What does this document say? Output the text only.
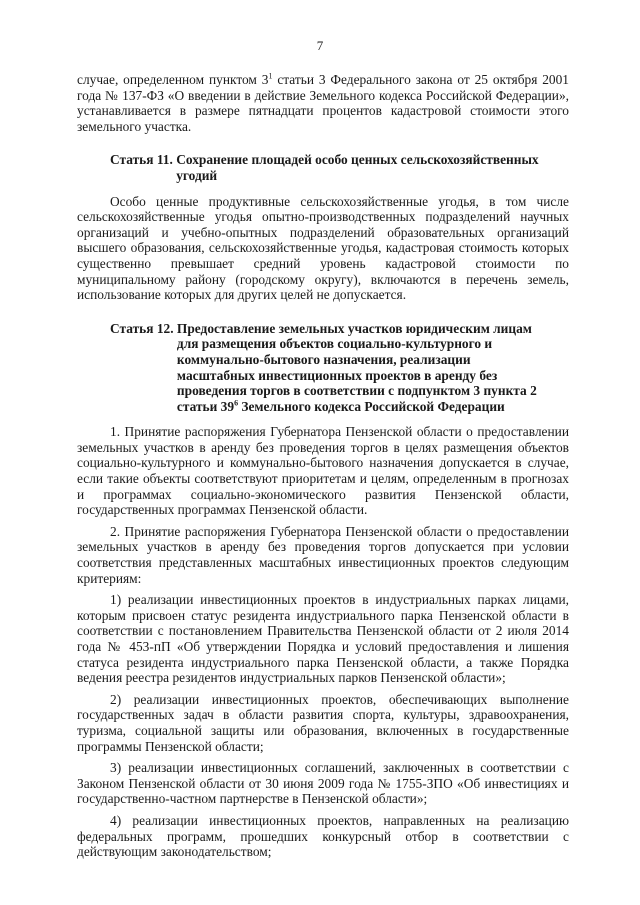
7

случае, определенном пунктом $3^1$ статьи 3 Федерального закона от 25 октября 2001 года № 137-ФЗ «О введении в действие Земельного кодекса Российской Федерации», устанавливается в размере пятнадцати процентов кадастровой стоимости этого земельного участка.

Статья 11. Сохранение площадей особо ценных сельскохозяйственных угодий

Особо ценные продуктивные сельскохозяйственные угодья, в том числе сельскохозяйственные угодья опытно-производственных подразделений научных организаций и учебно-опытных подразделений образовательных организаций высшего образования, сельскохозяйственные угодья, кадастровая стоимость которых существенно превышает средний уровень кадастровой стоимости по муниципальному району (городскому округу), включаются в перечень земель, использование которых для других целей не допускается.

Статья 12. Предоставление земельных участков юридическим лицам для размещения объектов социально-культурного и коммунально-бытового назначения, реализации масштабных инвестиционных проектов в аренду без проведения торгов в соответствии с подпунктом 3 пункта 2 статьи $39^6$ Земельного кодекса Российской Федерации

1. Принятие распоряжения Губернатора Пензенской области о предоставлении земельных участков в аренду без проведения торгов в целях размещения объектов социально-культурного и коммунально-бытового назначения допускается в случае, если такие объекты соответствуют приоритетам и целям, определенным в прогнозах и программах социально-экономического развития Пензенской области, государственных программах Пензенской области.

2. Принятие распоряжения Губернатора Пензенской области о предоставлении земельных участков в аренду без проведения торгов допускается при условии соответствия представленных масштабных инвестиционных проектов следующим критериям:

1) реализации инвестиционных проектов в индустриальных парках лицами, которым присвоен статус резидента индустриального парка Пензенской области в соответствии с постановлением Правительства Пензенской области от 2 июля 2014 года № 453-пП «Об утверждении Порядка и условий предоставления и лишения статуса резидента индустриального парка Пензенской области, а также Порядка ведения реестра резидентов индустриальных парков Пензенской области»;

2) реализации инвестиционных проектов, обеспечивающих выполнение государственных задач в области развития спорта, культуры, здравоохранения, туризма, социальной защиты или образования, включенных в государственные программы Пензенской области;

3) реализации инвестиционных соглашений, заключенных в соответствии с Законом Пензенской области от 30 июня 2009 года № 1755-ЗПО «Об инвестициях и государственно-частном партнерстве в Пензенской области»;

4) реализации инвестиционных проектов, направленных на реализацию федеральных программ, прошедших конкурсный отбор в соответствии с действующим законодательством;
